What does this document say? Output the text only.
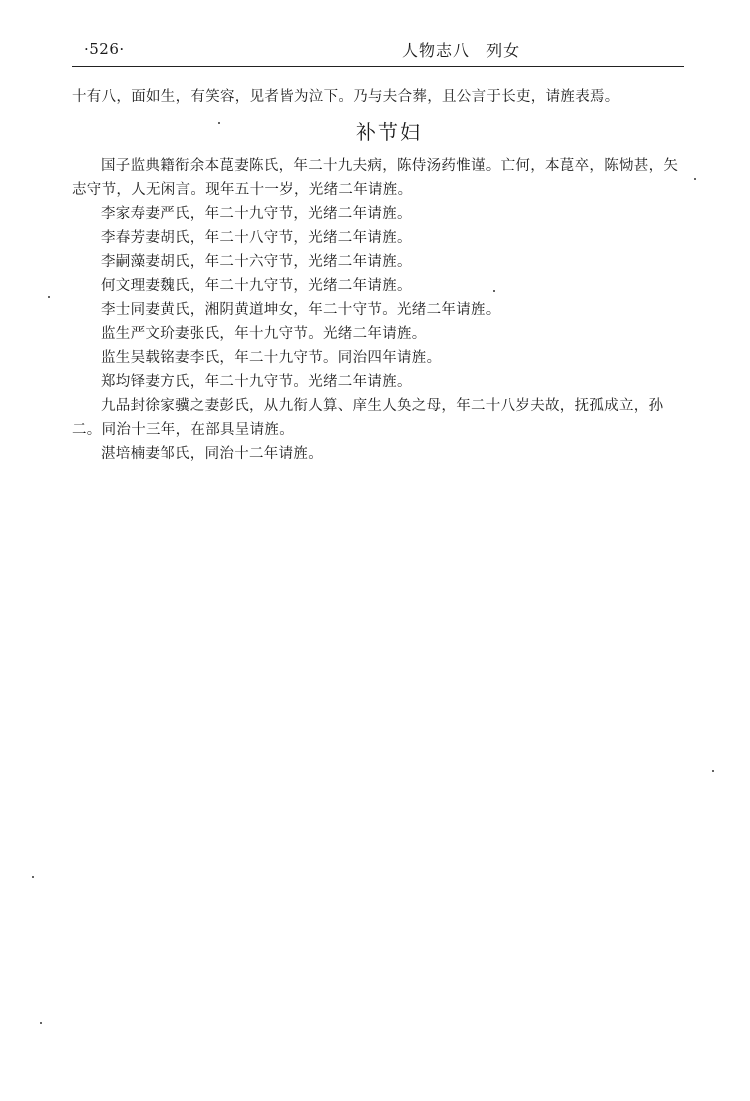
·526·	人物志八 列女
十有八，面如生，有笑容，见者皆为泣下。乃与夫合葬，且公言于长吏，请旌表焉。
补节妇

国子监典籍衔余本菎妻陈氏，年二十九夫病，陈侍汤药惟谨。亡何，本菎卒，陈恸甚，矢志守节，人无闲言。现年五十一岁，光绪二年请旌。

李家寿妻严氏，年二十九守节，光绪二年请旌。

李春芳妻胡氏，年二十八守节，光绪二年请旌。

李嗣藻妻胡氏，年二十六守节，光绪二年请旌。

何文理妻魏氏，年二十九守节，光绪二年请旌。

李士同妻黄氏，湘阴黄道坤女，年二十守节。光绪二年请旌。

监生严文玠妻张氏，年十九守节。光绪二年请旌。

监生吴载铭妻李氏，年二十九守节。同治四年请旌。

郑均铎妻方氏，年二十九守节。光绪二年请旌。

九品封徐家骥之妻彭氏，从九衔人算、庠生人奂之母，年二十八岁夫故，抚孤成立，孙二。同治十三年，在部具呈请旌。

湛培楠妻邹氏，同治十二年请旌。
